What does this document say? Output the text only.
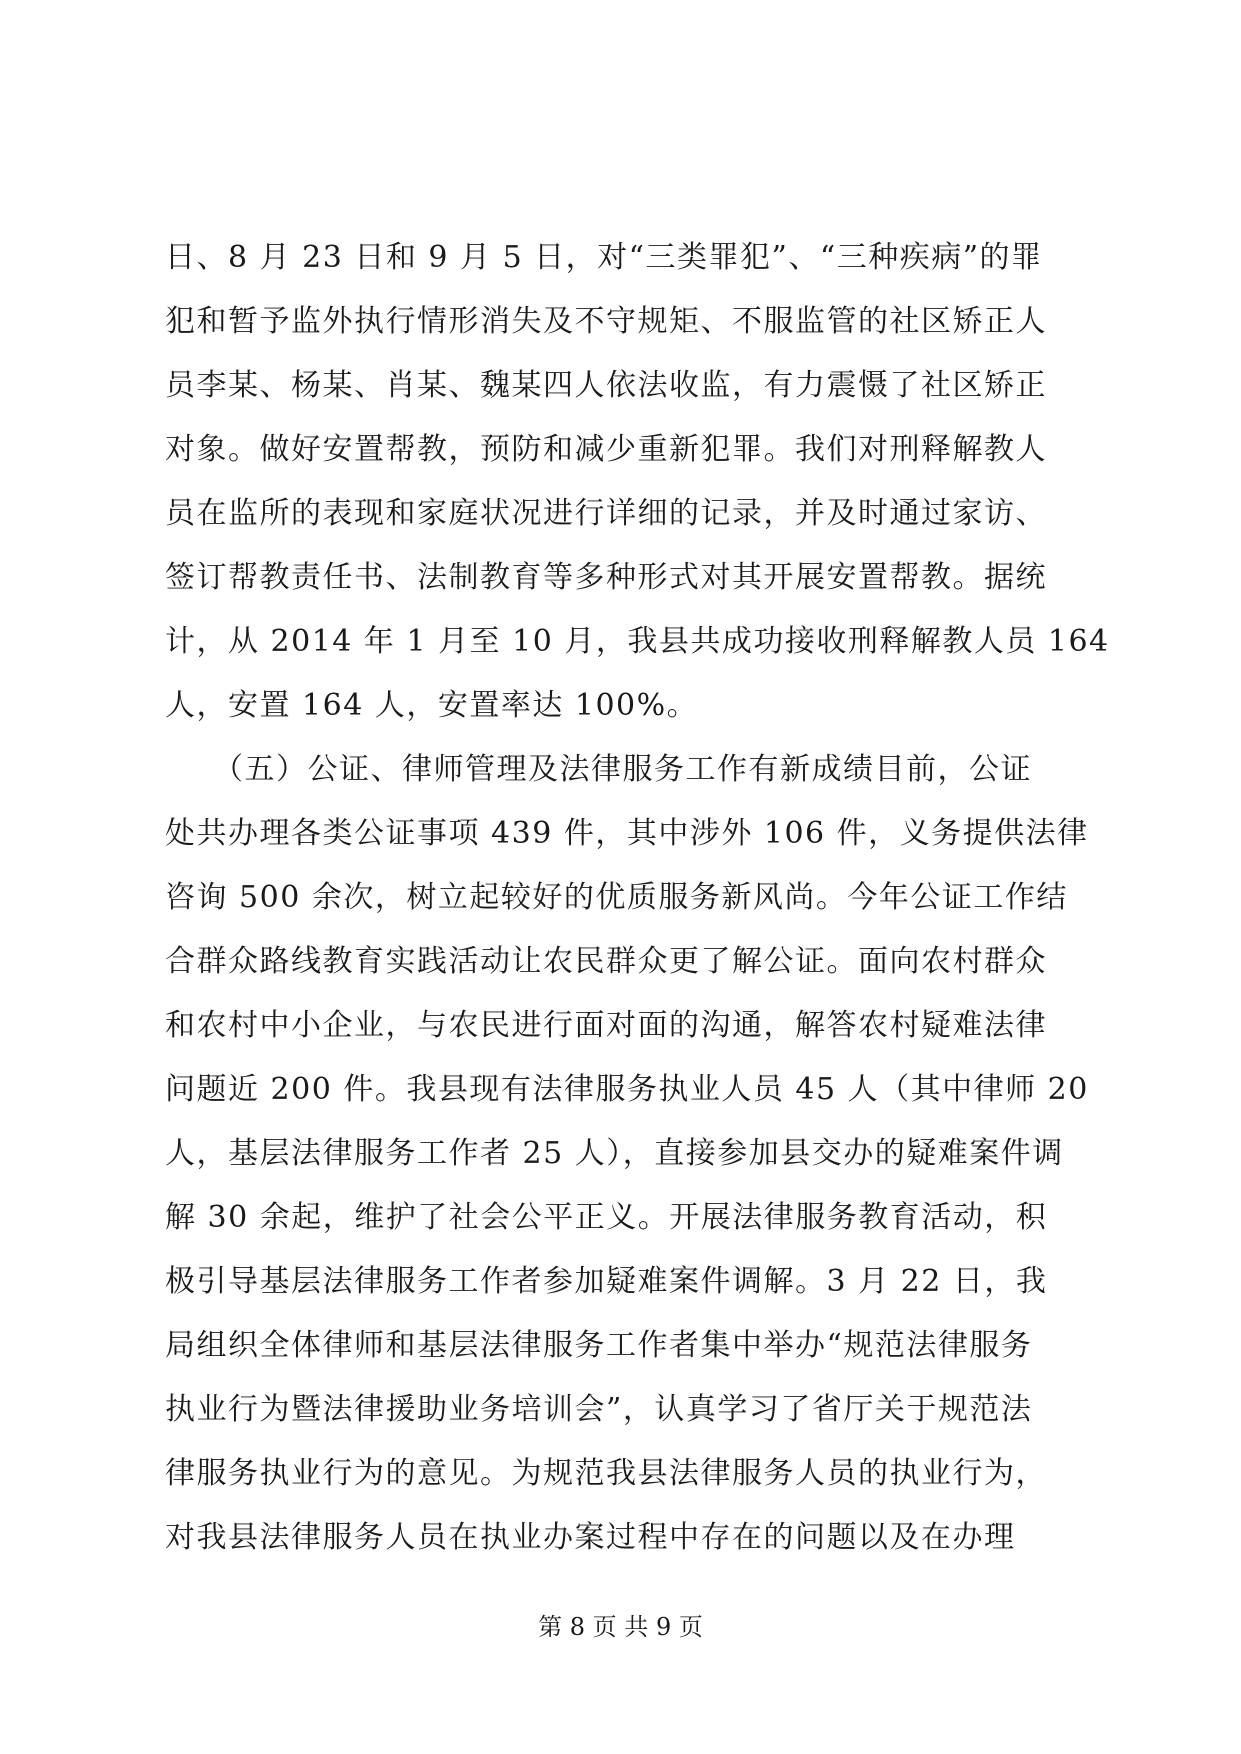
日、8 月 23 日和 9 月 5 日，对“三类罪犯”、“三种疾病”的罪
犯和暂予监外执行情形消失及不守规矩、不服监管的社区矫正人
员李某、杨某、肖某、魏某四人依法收监，有力震慑了社区矫正
对象。做好安置帮教，预防和减少重新犯罪。我们对刑释解教人
员在监所的表现和家庭状况进行详细的记录，并及时通过家访、
签订帮教责任书、法制教育等多种形式对其开展安置帮教。据统
计，从 2014 年 1 月至 10 月，我县共成功接收刑释解教人员 164
人，安置 164 人，安置率达 100%。
　　（五）公证、律师管理及法律服务工作有新成绩目前，公证
处共办理各类公证事项 439 件，其中涉外 106 件，义务提供法律
咨询 500 余次，树立起较好的优质服务新风尚。今年公证工作结
合群众路线教育实践活动让农民群众更了解公证。面向农村群众
和农村中小企业，与农民进行面对面的沟通，解答农村疑难法律
问题近 200 件。我县现有法律服务执业人员 45 人（其中律师 20
人，基层法律服务工作者 25 人），直接参加县交办的疑难案件调
解 30 余起，维护了社会公平正义。开展法律服务教育活动，积
极引导基层法律服务工作者参加疑难案件调解。3 月 22 日，我
局组织全体律师和基层法律服务工作者集中举办“规范法律服务
执业行为暨法律援助业务培训会”，认真学习了省厅关于规范法
律服务执业行为的意见。为规范我县法律服务人员的执业行为，
对我县法律服务人员在执业办案过程中存在的问题以及在办理
第 8 页 共 9 页
